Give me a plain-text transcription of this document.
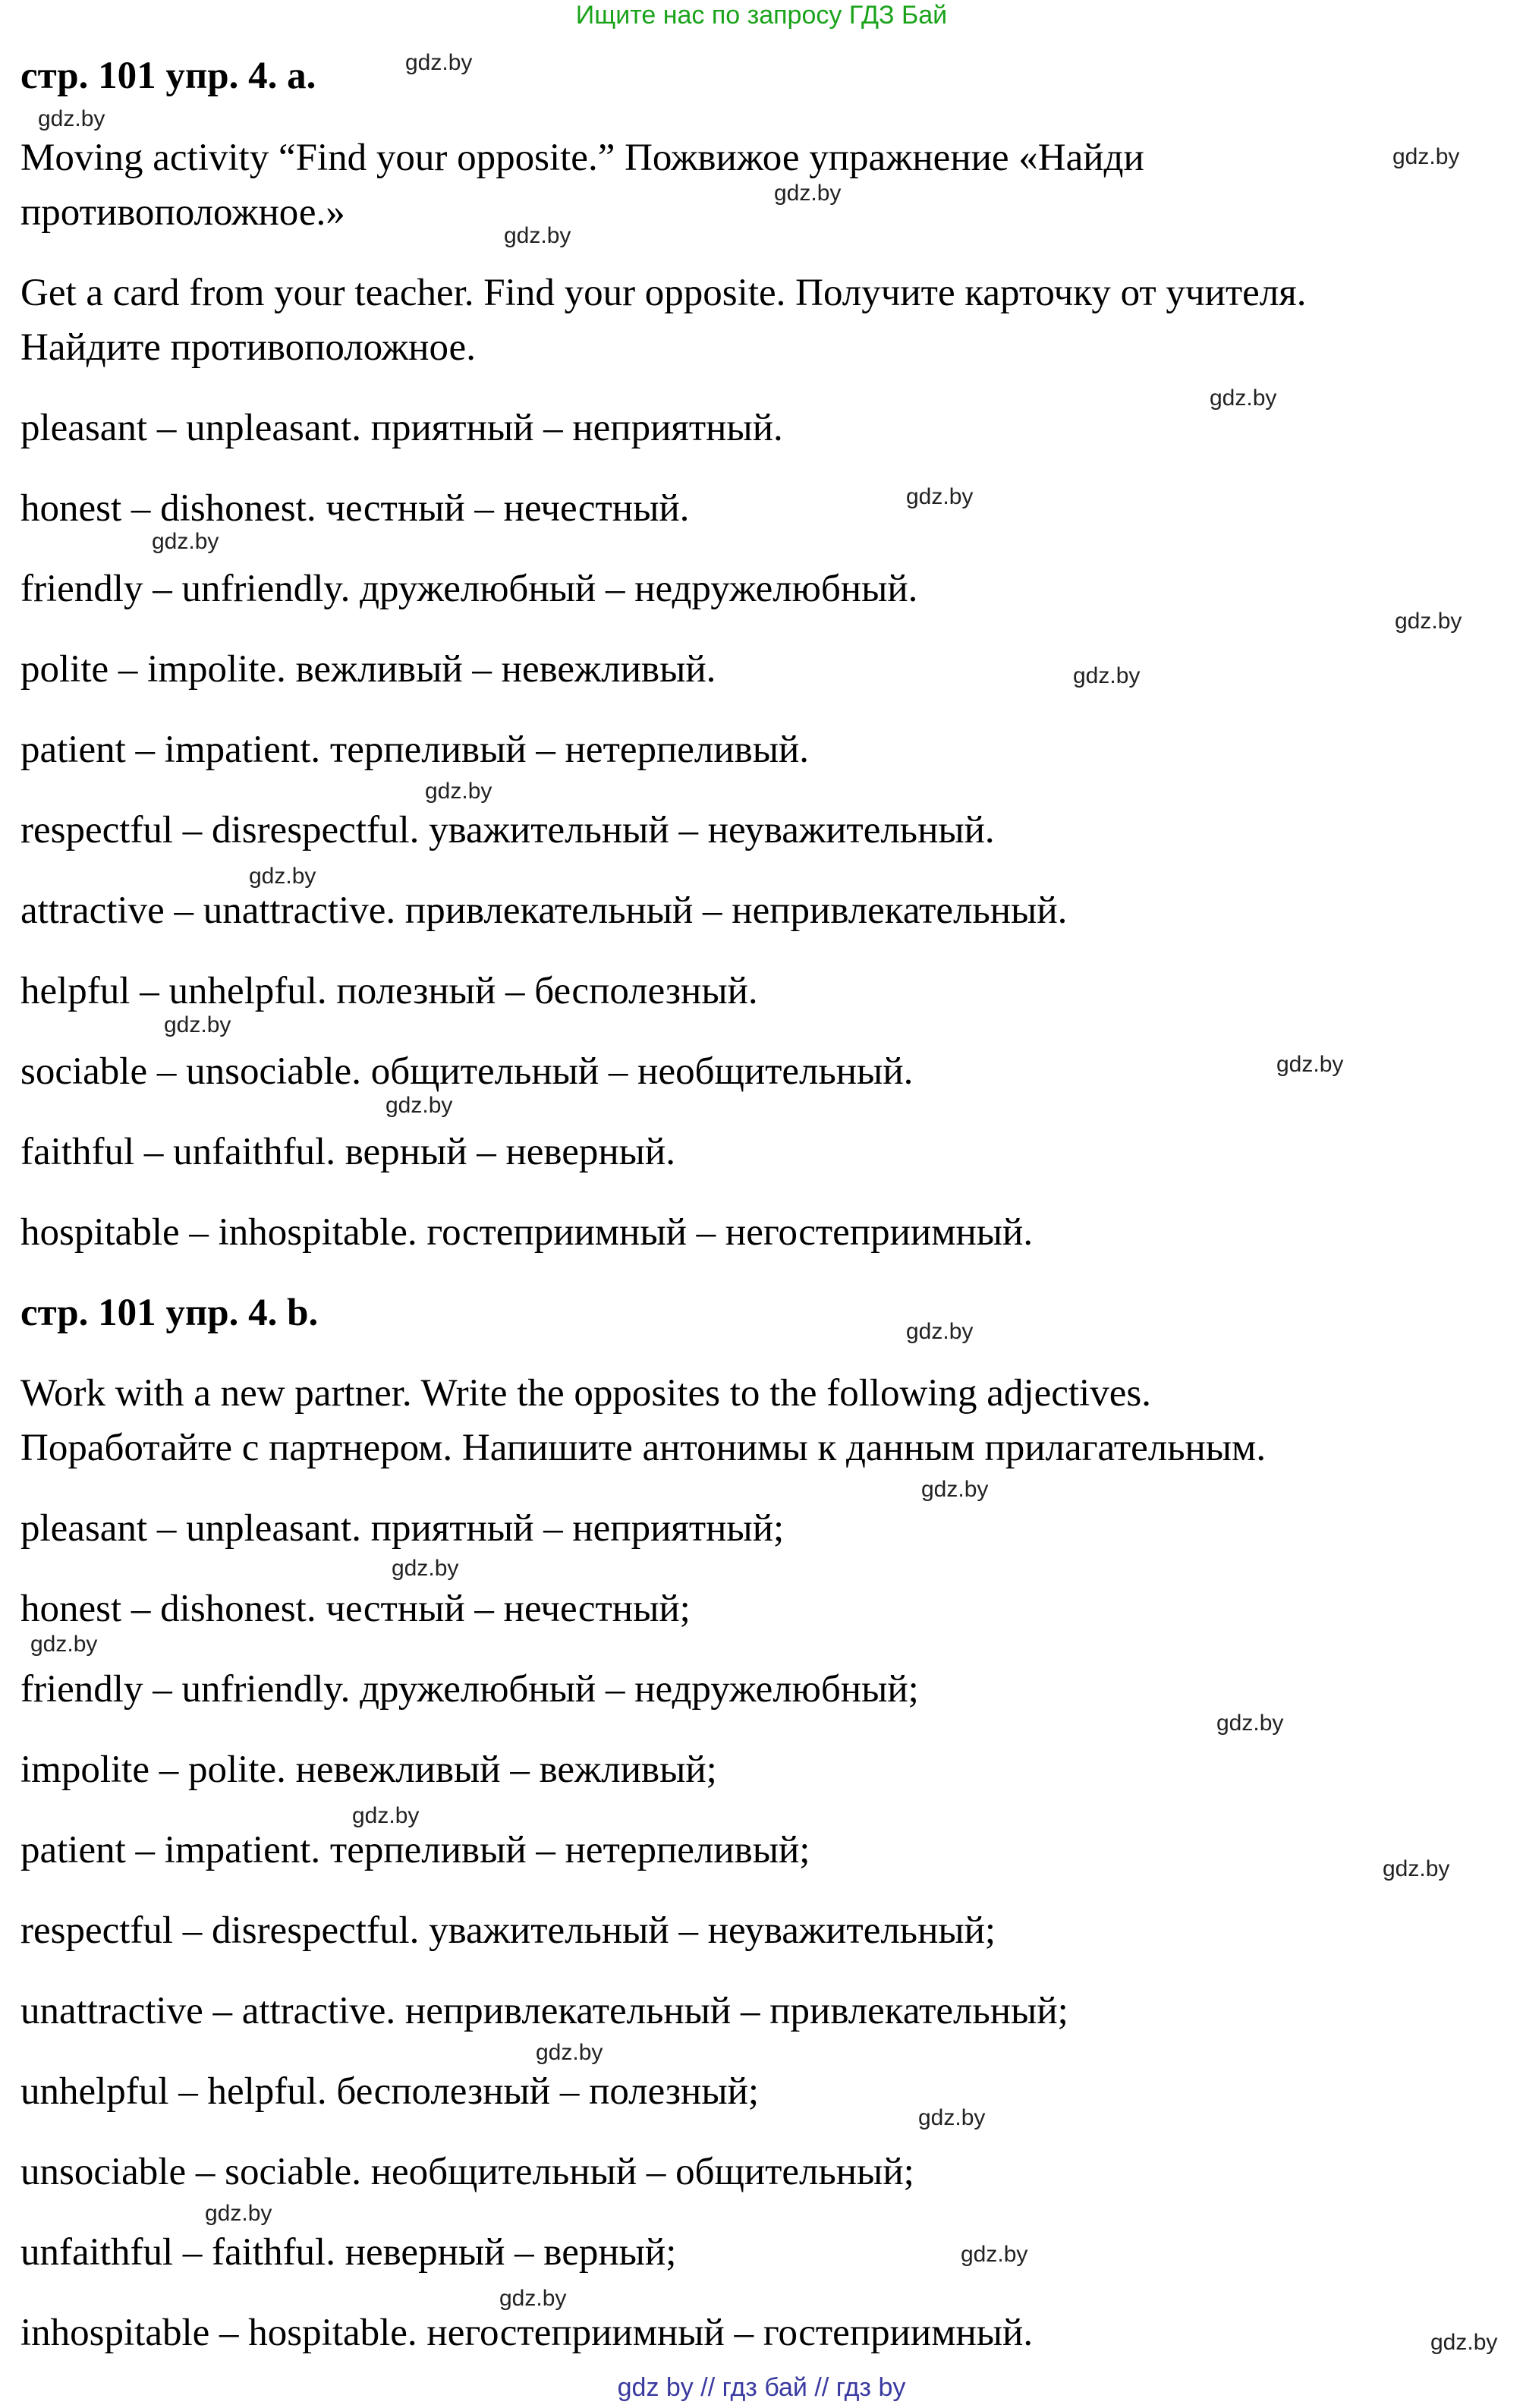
Ищите нас по запросу ГДЗ Бай
стр. 101 упр. 4. а.
Moving activity “Find your opposite.” Пожвижое упражнение «Найди
противоположное.»
Get a card from your teacher. Find your opposite. Получите карточку от учителя.
Найдите противоположное.
pleasant – unpleasant. приятный – неприятный.
honest – dishonest. честный – нечестный.
friendly – unfriendly. дружелюбный – недружелюбный.
polite – impolite. вежливый – невежливый.
patient – impatient. терпеливый – нетерпеливый.
respectful – disrespectful. уважительный – неуважительный.
attractive – unattractive. привлекательный – непривлекательный.
helpful – unhelpful. полезный – бесполезный.
sociable – unsociable. общительный – необщительный.
faithful – unfaithful. верный – неверный.
hospitable – inhospitable. гостеприимный – негостеприимный.
стр. 101 упр. 4. b.
Work with a new partner. Write the opposites to the following adjectives.
Поработайте с партнером. Напишите антонимы к данным прилагательным.
pleasant – unpleasant. приятный – неприятный;
honest – dishonest. честный – нечестный;
friendly – unfriendly. дружелюбный – недружелюбный;
impolite – polite. невежливый – вежливый;
patient – impatient. терпеливый – нетерпеливый;
respectful – disrespectful. уважительный – неуважительный;
unattractive – attractive. непривлекательный – привлекательный;
unhelpful – helpful. бесполезный – полезный;
unsociable – sociable. необщительный – общительный;
unfaithful – faithful. неверный – верный;
inhospitable – hospitable. негостеприимный – гостеприимный.
gdz.by
gdz.by
gdz.by
gdz.by
gdz.by
gdz.by
gdz.by
gdz.by
gdz.by
gdz.by
gdz.by
gdz.by
gdz.by
gdz.by
gdz.by
gdz.by
gdz.by
gdz.by
gdz.by
gdz.by
gdz.by
gdz.by
gdz.by
gdz.by
gdz.by
gdz.by
gdz.by
gdz.by
gdz by // гдз бай // гдз by
